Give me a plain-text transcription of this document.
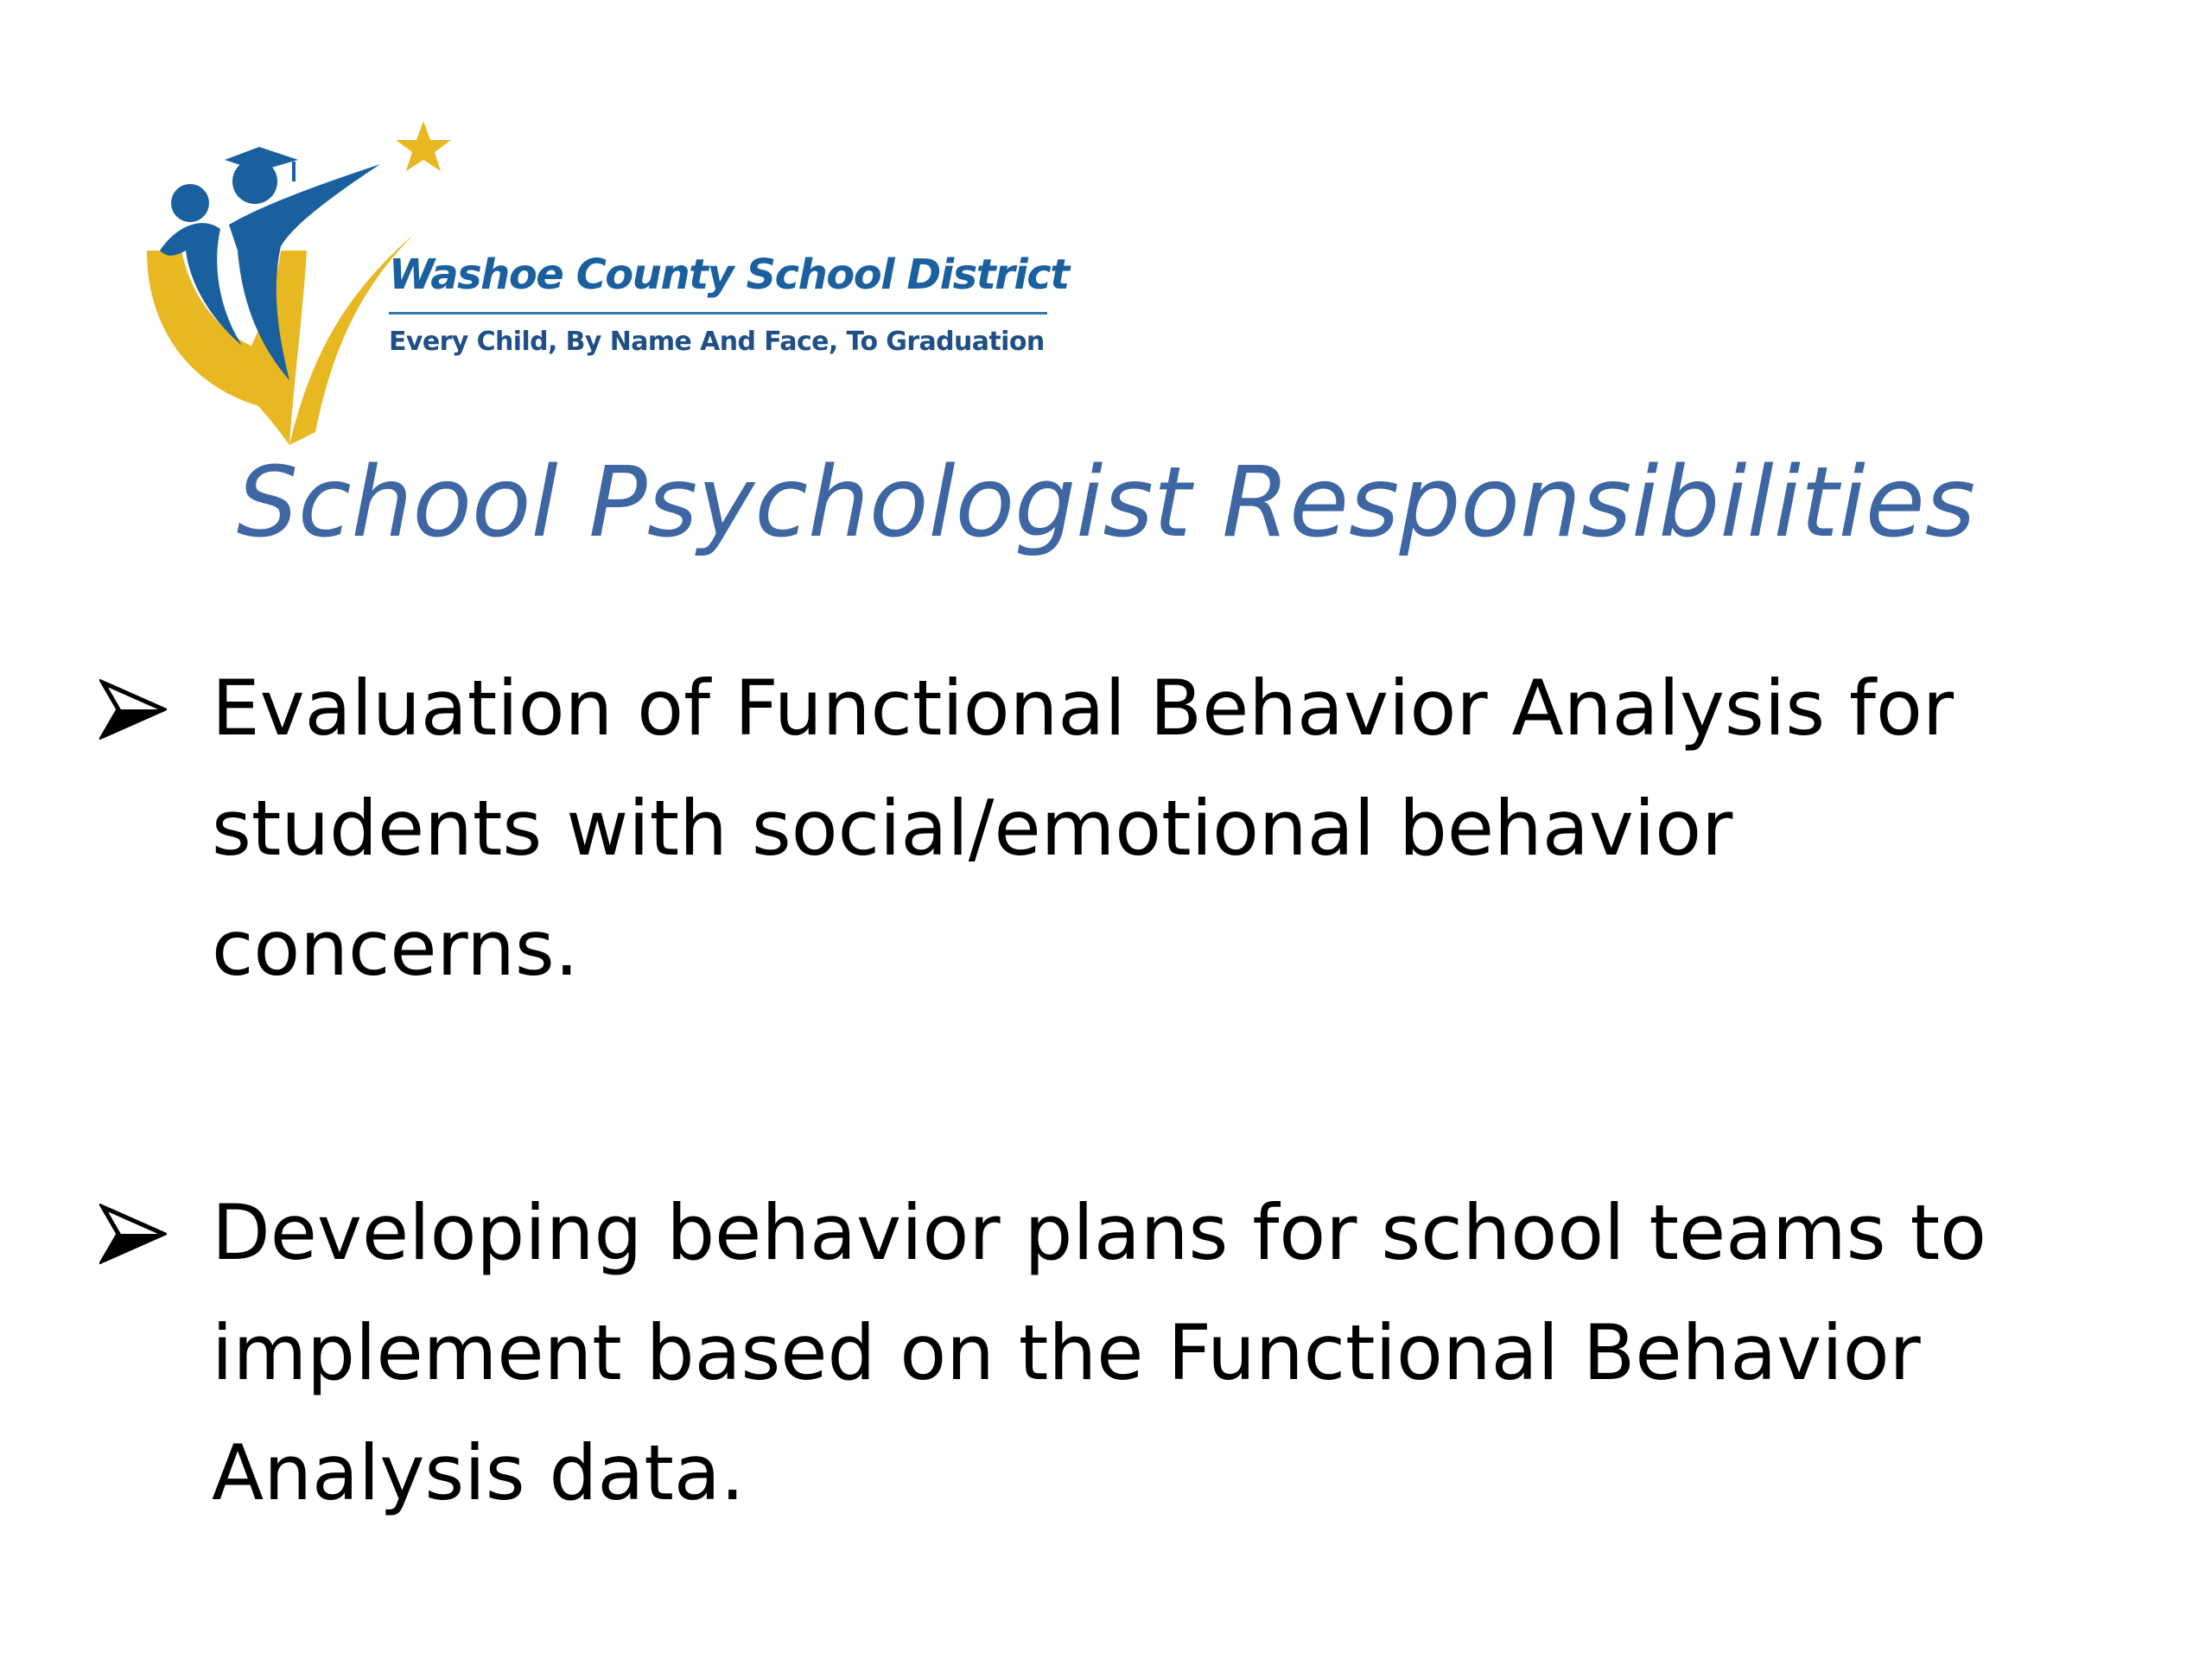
Washoe County School District
Every Child, By Name And Face, To Graduation
School Psychologist Responsibilities
Evaluation of Functional Behavior Analysis for students with social/emotional behavior concerns.
Developing behavior plans for school teams to implement based on the Functional Behavior Analysis data.
